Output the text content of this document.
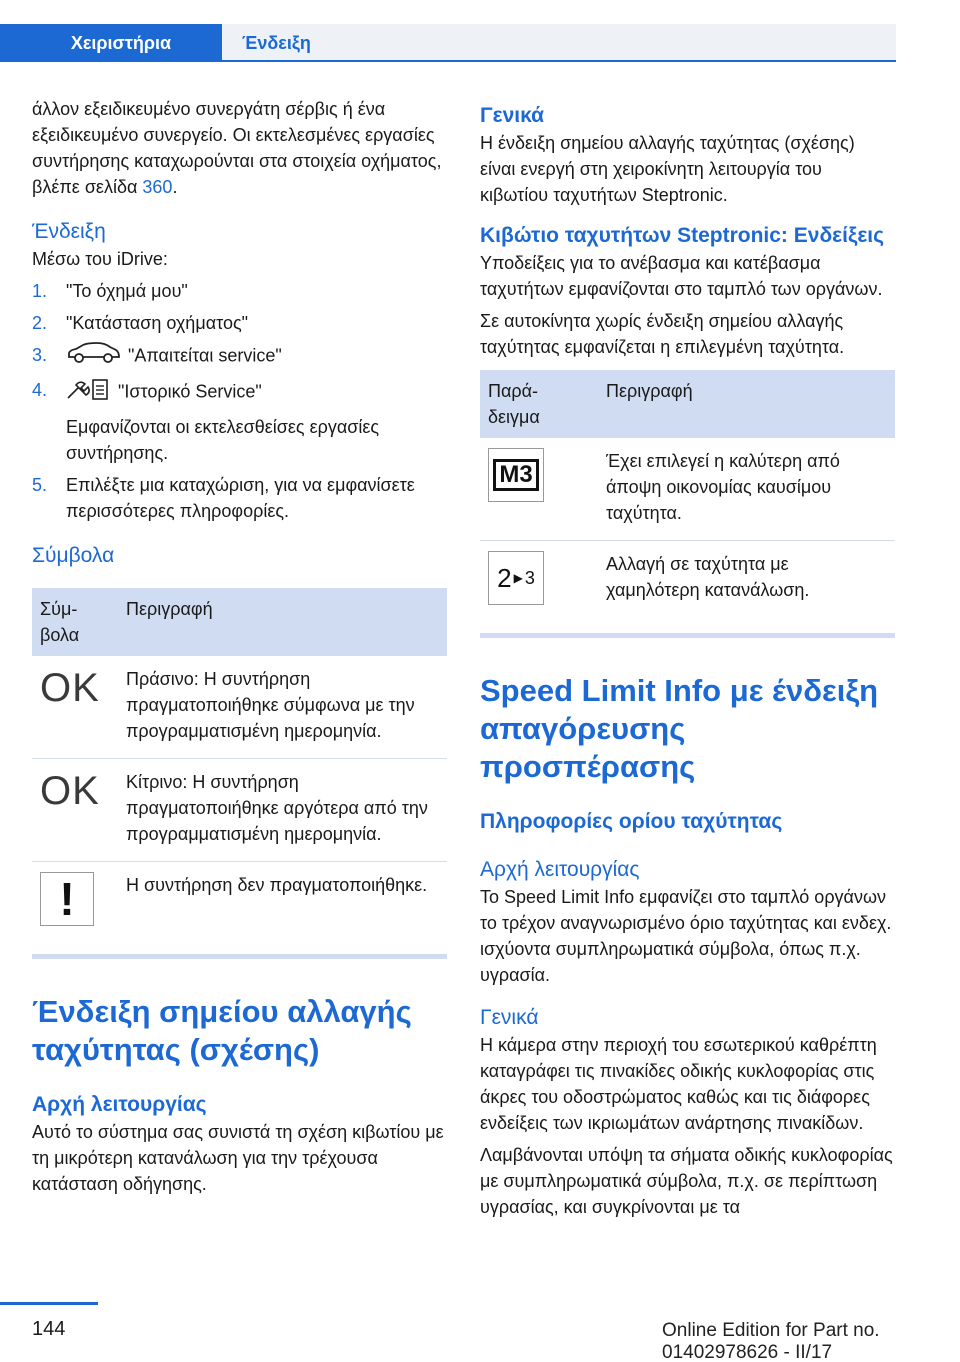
Χειριστήρια	Ένδειξη

άλλον εξειδικευμένο συνεργάτη σέρβις ή ένα εξειδικευμένο συνεργείο. Οι εκτελεσμένες εργασίες συντήρησης καταχωρούνται στα στοιχεία οχήματος, βλέπε σελίδα 360.

Ένδειξη

Μέσω του iDrive:

1. "Το όχημά μου"
2. "Κατάσταση οχήματος"
3.	"Απαιτείται service"
4.	"Ιστορικό Service"
Εμφανίζονται οι εκτελεσθείσες εργασίες συντήρησης.
5. Επιλέξτε μια καταχώριση, για να εμφανίσετε περισσότερες πληροφορίες.
Σύμβολα
Σύμ-βολα	Περιγραφή
OK	Πράσινο: Η συντήρηση πραγματοποιήθηκε σύμφωνα με την προγραμματισμένη ημερομηνία.
OK	Κίτρινο: Η συντήρηση πραγματοποιήθηκε αργότερα από την προγραμματισμένη ημερομηνία.
!	Η συντήρηση δεν πραγματοποιήθηκε.
Ένδειξη σημείου αλλαγής ταχύτητας (σχέσης)
Αρχή λειτουργίας

Αυτό το σύστημα σας συνιστά τη σχέση κιβωτίου με τη μικρότερη κατανάλωση για την τρέχουσα κατάσταση οδήγησης.

Γενικά

Η ένδειξη σημείου αλλαγής ταχύτητας (σχέσης) είναι ενεργή στη χειροκίνητη λειτουργία του κιβωτίου ταχυτήτων Steptronic.

Κιβώτιο ταχυτήτων Steptronic: Ενδείξεις

Υποδείξεις για το ανέβασμα και κατέβασμα ταχυτήτων εμφανίζονται στο ταμπλό των οργάνων.

Σε αυτοκίνητα χωρίς ένδειξη σημείου αλλαγής ταχύτητας εμφανίζεται η επιλεγμένη ταχύτητα.

Παρά-δειγμα	Περιγραφή

M3	Έχει επιλεγεί η καλύτερη από άποψη οικονομίας καυσίμου ταχύτητα.

2 ▶ 3	Αλλαγή σε ταχύτητα με χαμηλότερη κατανάλωση.
Speed Limit Info με ένδειξη απαγόρευσης προσπέρασης
Πληροφορίες ορίου ταχύτητας
Αρχή λειτουργίας

Το Speed Limit Info εμφανίζει στο ταμπλό οργάνων το τρέχον αναγνωρισμένο όριο ταχύτητας και ενδεχ. ισχύοντα συμπληρωματικά σύμβολα, όπως π.χ. υγρασία.

Γενικά

Η κάμερα στην περιοχή του εσωτερικού καθρέπτη καταγράφει τις πινακίδες οδικής κυκλοφορίας στις άκρες του οδοστρώματος καθώς και τις διάφορες ενδείξεις των ικριωμάτων ανάρτησης πινακίδων.

Λαμβάνονται υπόψη τα σήματα οδικής κυκλοφορίας με συμπληρωματικά σύμβολα, π.χ. σε περίπτωση υγρασίας, και συγκρίνονται με τα

144	Online Edition for Part no. 01402978626 - II/17
